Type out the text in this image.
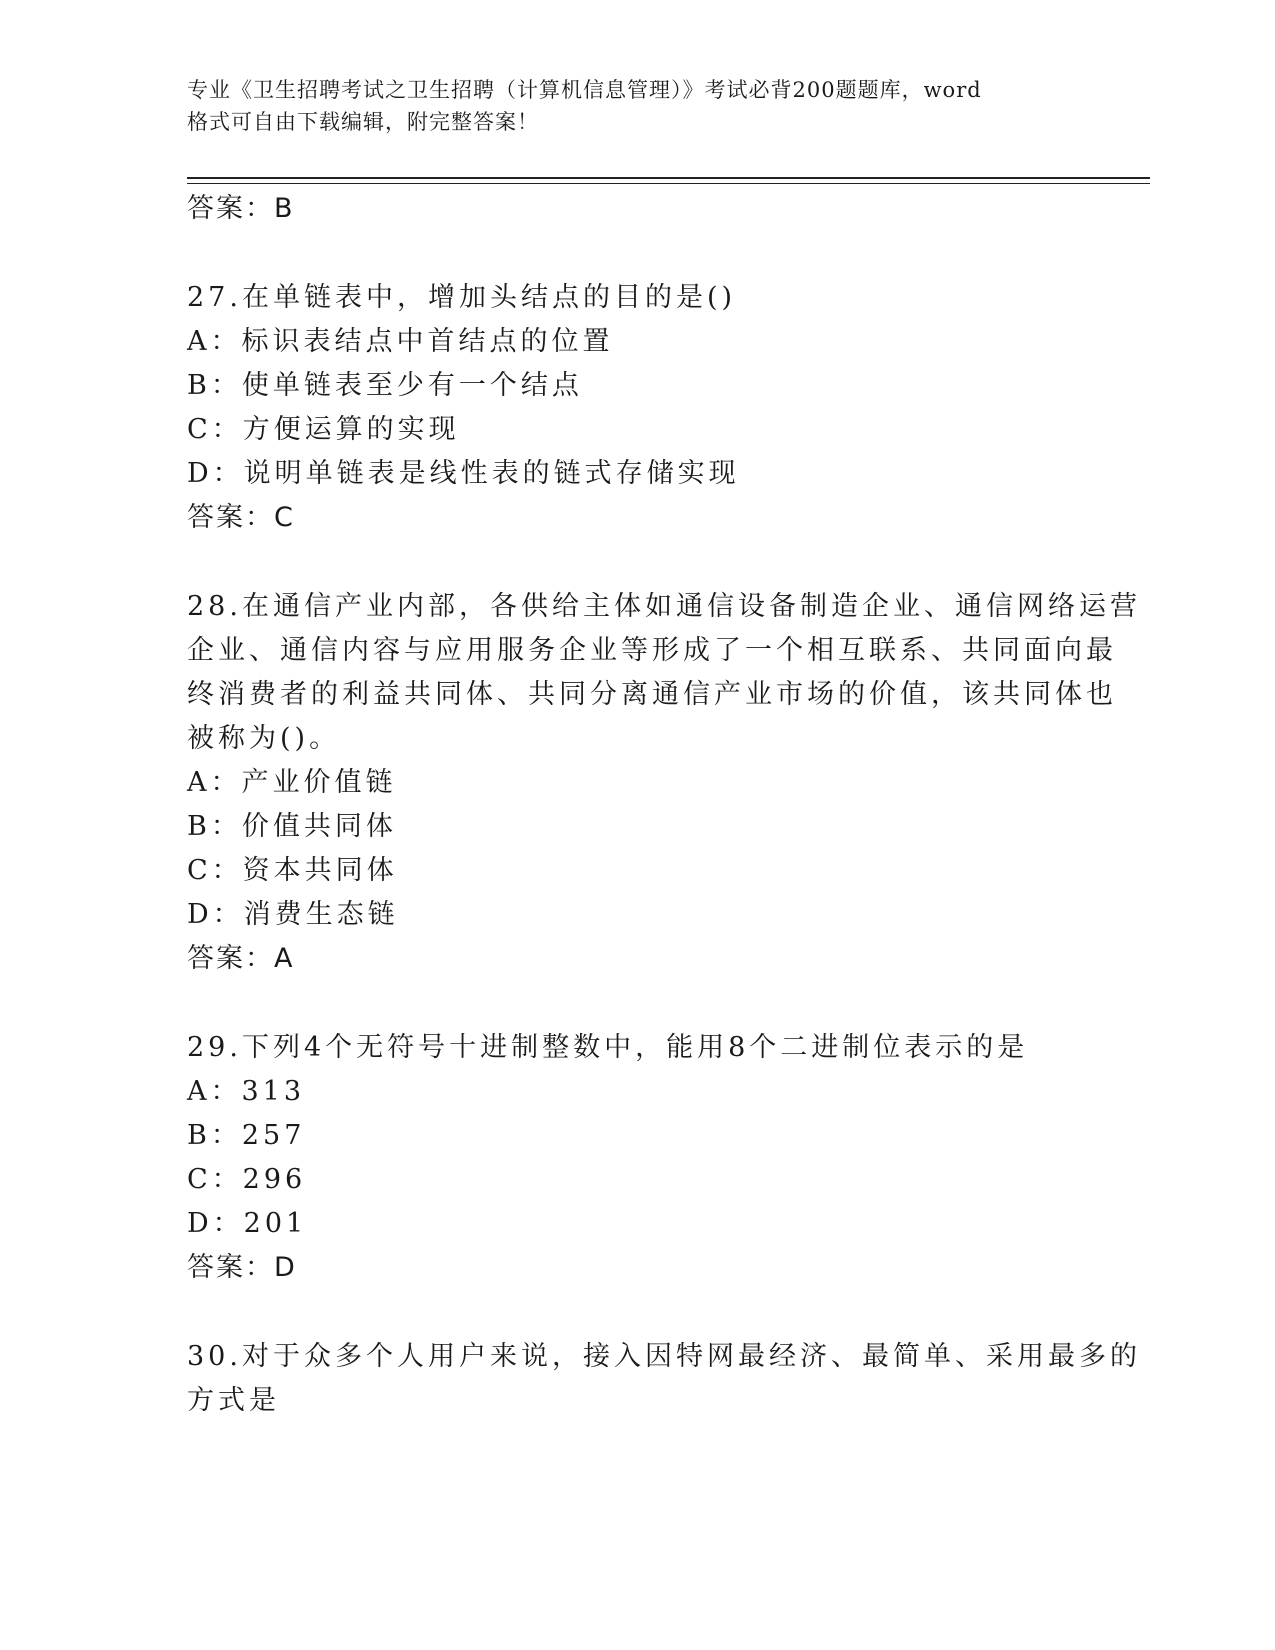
专业《卫生招聘考试之卫生招聘（计算机信息管理）》考试必背200题题库，word
格式可自由下载编辑，附完整答案！
答案：B
27.在单链表中，增加头结点的目的是()
A：标识表结点中首结点的位置
B：使单链表至少有一个结点
C：方便运算的实现
D：说明单链表是线性表的链式存储实现
答案：C
28.在通信产业内部，各供给主体如通信设备制造企业、通信网络运营
企业、通信内容与应用服务企业等形成了一个相互联系、共同面向最
终消费者的利益共同体、共同分离通信产业市场的价值，该共同体也
被称为()。
A：产业价值链
B：价值共同体
C：资本共同体
D：消费生态链
答案：A
29.下列4个无符号十进制整数中，能用8个二进制位表示的是
A：313
B：257
C：296
D：201
答案：D
30.对于众多个人用户来说，接入因特网最经济、最简单、采用最多的
方式是
